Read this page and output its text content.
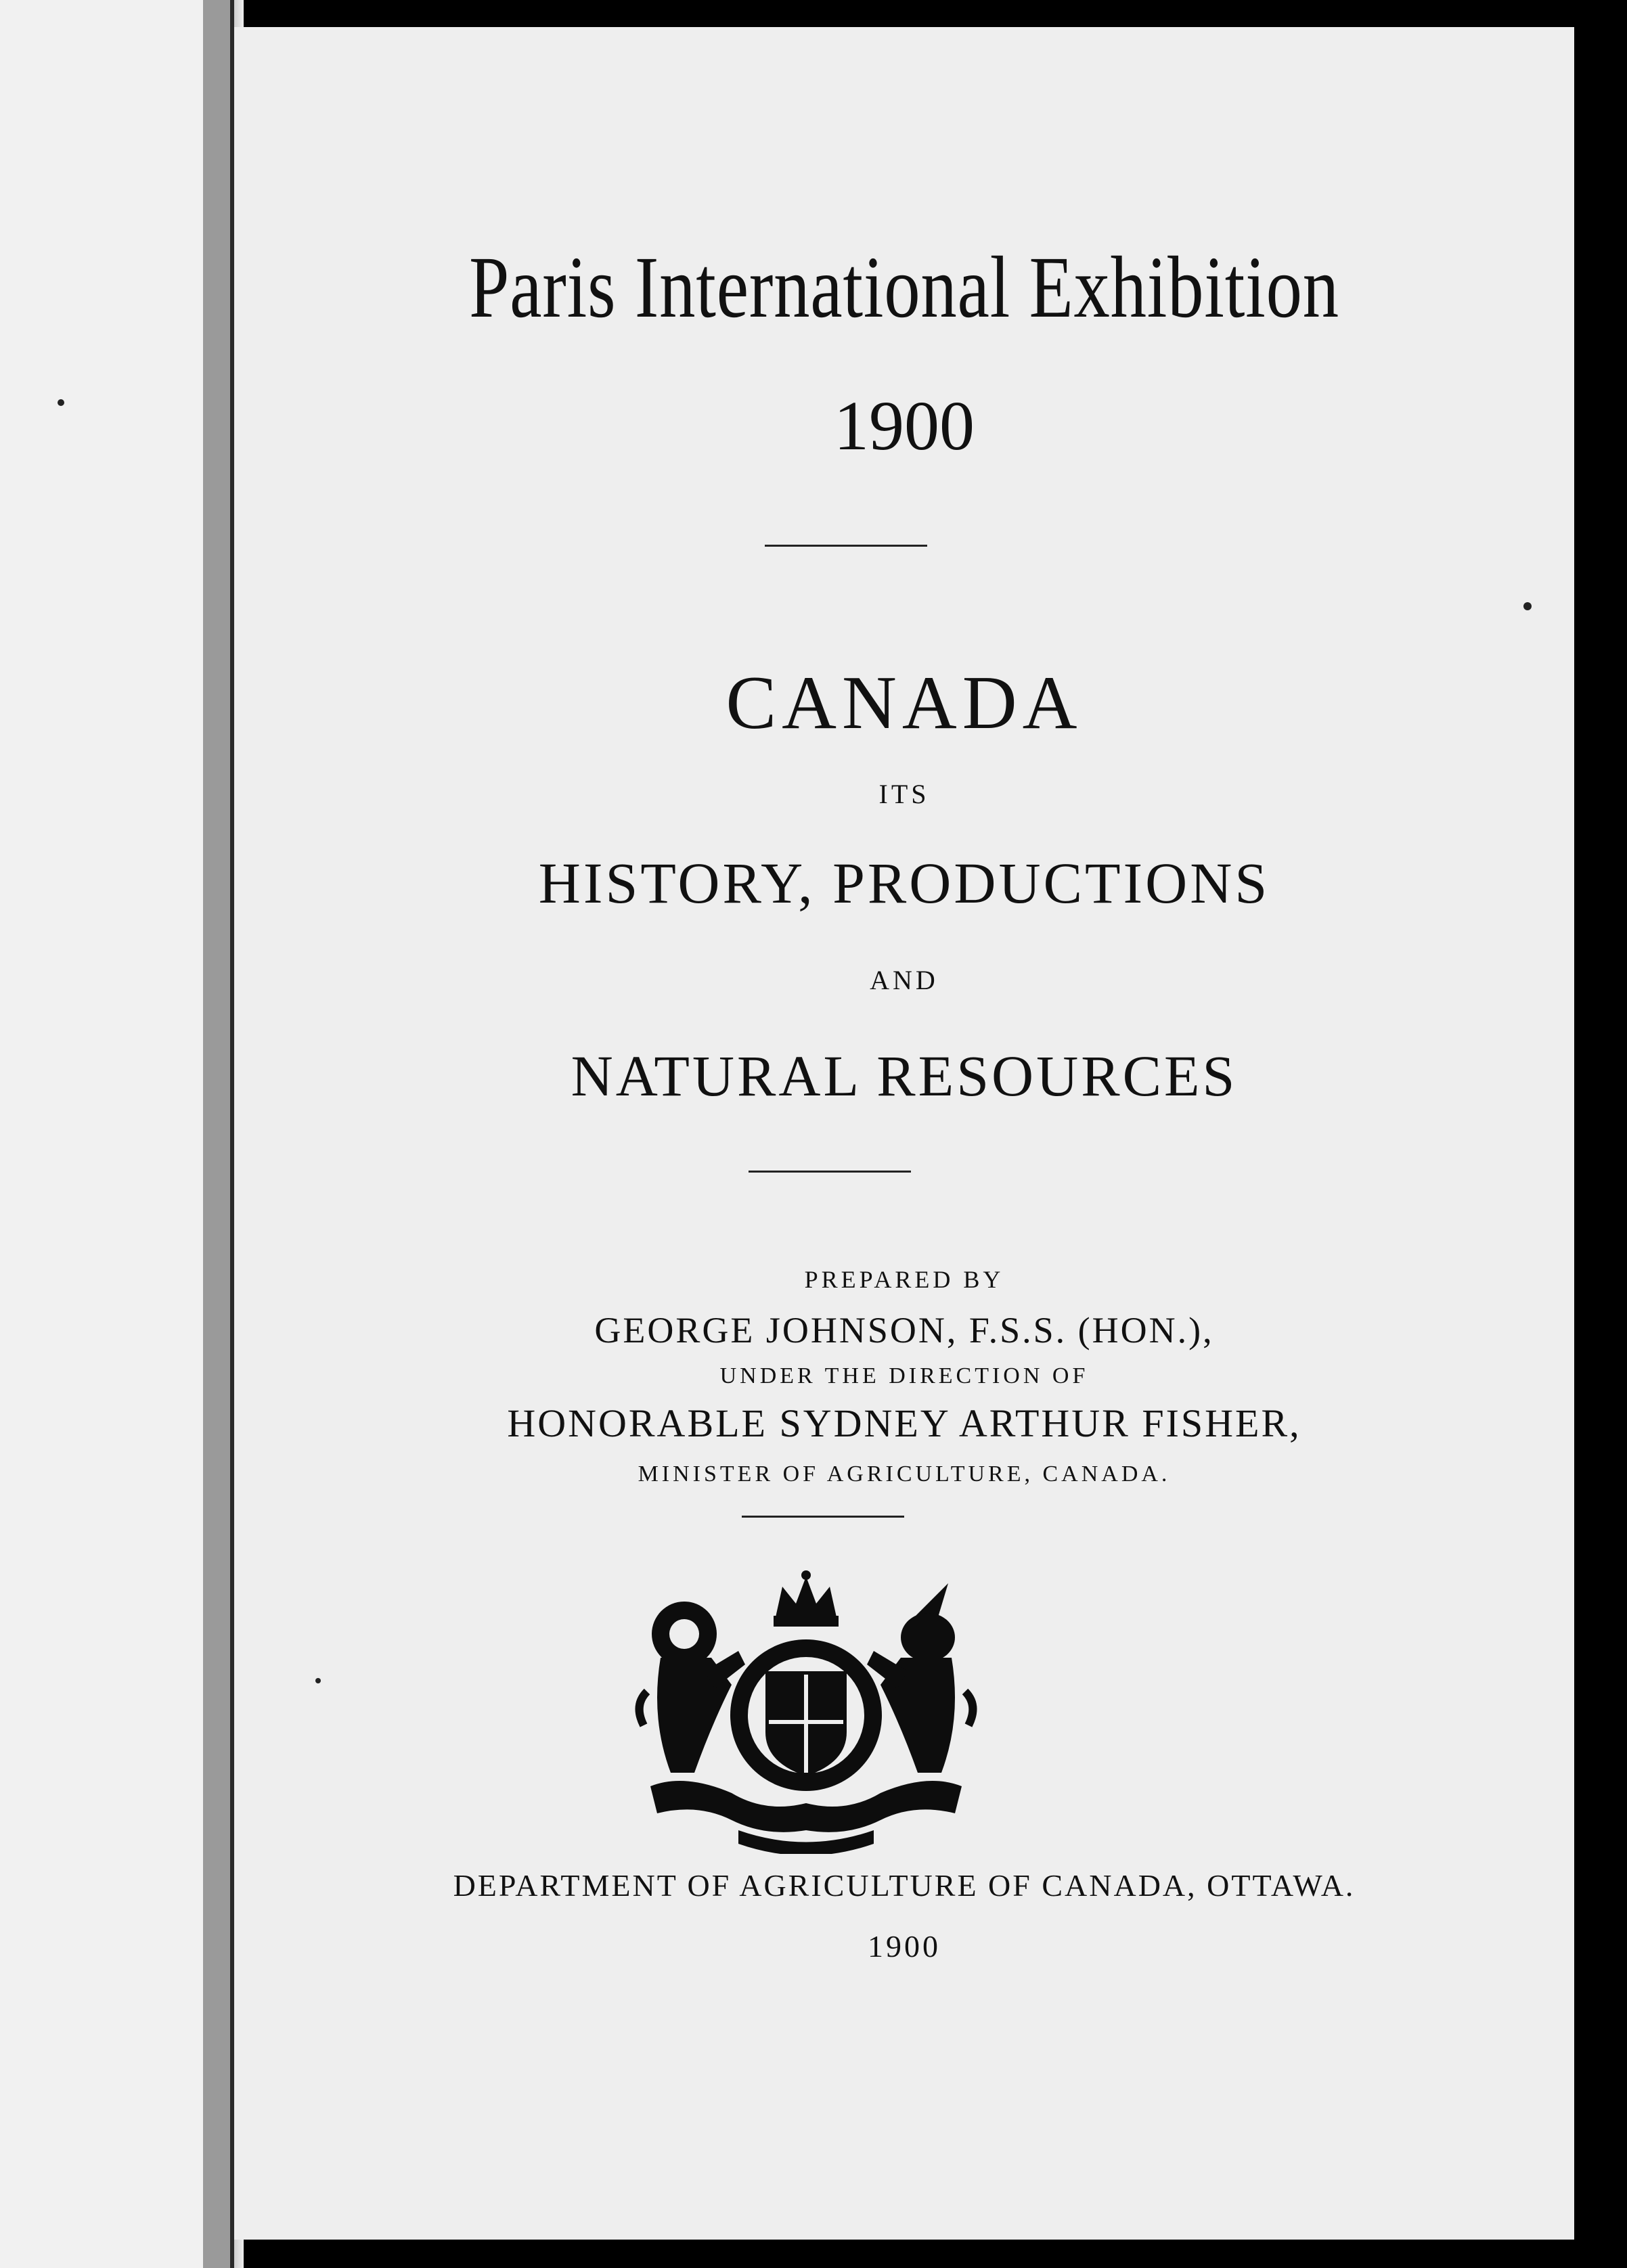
Paris International Exhibition
1900
CANADA
ITS
HISTORY, PRODUCTIONS
AND
NATURAL RESOURCES
PREPARED BY
GEORGE JOHNSON, F.S.S. (HON.),
UNDER THE DIRECTION OF
HONORABLE SYDNEY ARTHUR FISHER,
MINISTER OF AGRICULTURE, CANADA.
DEPARTMENT OF AGRICULTURE OF CANADA, OTTAWA.
1900
